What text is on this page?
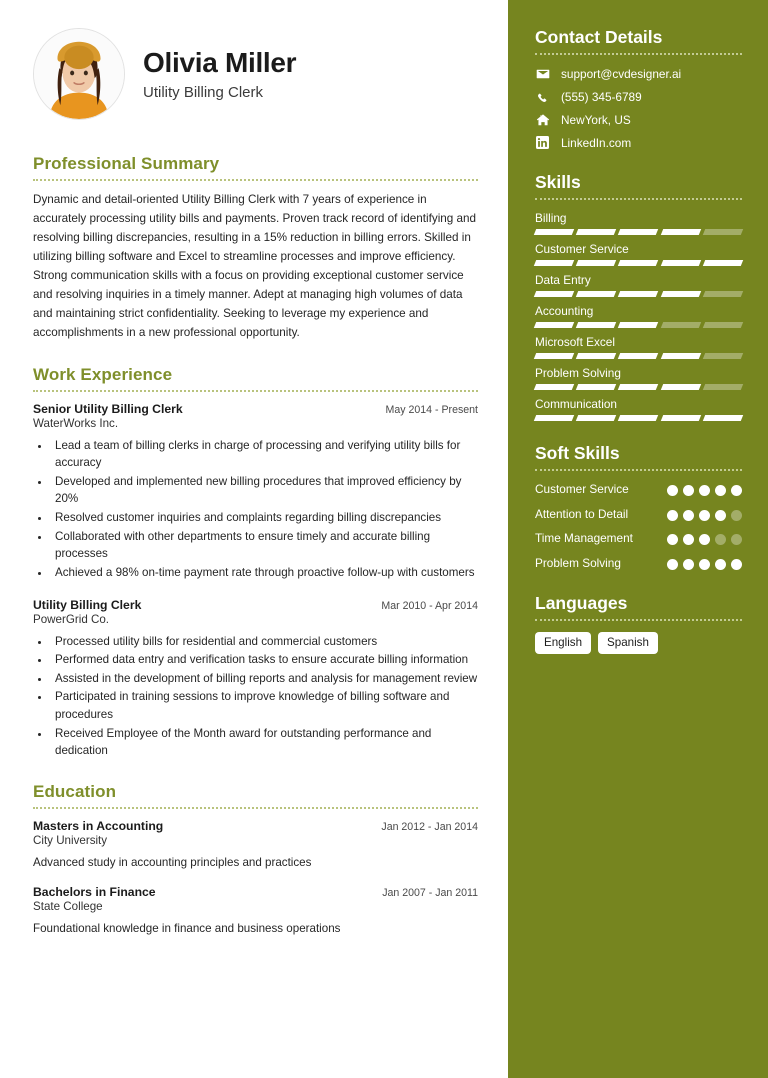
Olivia Miller
Utility Billing Clerk
Professional Summary
Dynamic and detail-oriented Utility Billing Clerk with 7 years of experience in accurately processing utility bills and payments. Proven track record of identifying and resolving billing discrepancies, resulting in a 15% reduction in billing errors. Skilled in utilizing billing software and Excel to streamline processes and improve efficiency. Strong communication skills with a focus on providing exceptional customer service and resolving inquiries in a timely manner. Adept at managing high volumes of data and maintaining strict confidentiality. Seeking to leverage my experience and accomplishments in a new professional opportunity.
Work Experience
Senior Utility Billing Clerk	May 2014 - Present
WaterWorks Inc.
• Lead a team of billing clerks in charge of processing and verifying utility bills for accuracy
• Developed and implemented new billing procedures that improved efficiency by 20%
• Resolved customer inquiries and complaints regarding billing discrepancies
• Collaborated with other departments to ensure timely and accurate billing processes
• Achieved a 98% on-time payment rate through proactive follow-up with customers
Utility Billing Clerk	Mar 2010 - Apr 2014
PowerGrid Co.
• Processed utility bills for residential and commercial customers
• Performed data entry and verification tasks to ensure accurate billing information
• Assisted in the development of billing reports and analysis for management review
• Participated in training sessions to improve knowledge of billing software and procedures
• Received Employee of the Month award for outstanding performance and dedication
Education
Masters in Accounting	Jan 2012 - Jan 2014
City University
Advanced study in accounting principles and practices
Bachelors in Finance	Jan 2007 - Jan 2011
State College
Foundational knowledge in finance and business operations
Contact Details
support@cvdesigner.ai
(555) 345-6789
NewYork, US
LinkedIn.com
Skills
Billing
Customer Service
Data Entry
Accounting
Microsoft Excel
Problem Solving
Communication
Soft Skills
Customer Service
Attention to Detail
Time Management
Problem Solving
Languages
English	Spanish
